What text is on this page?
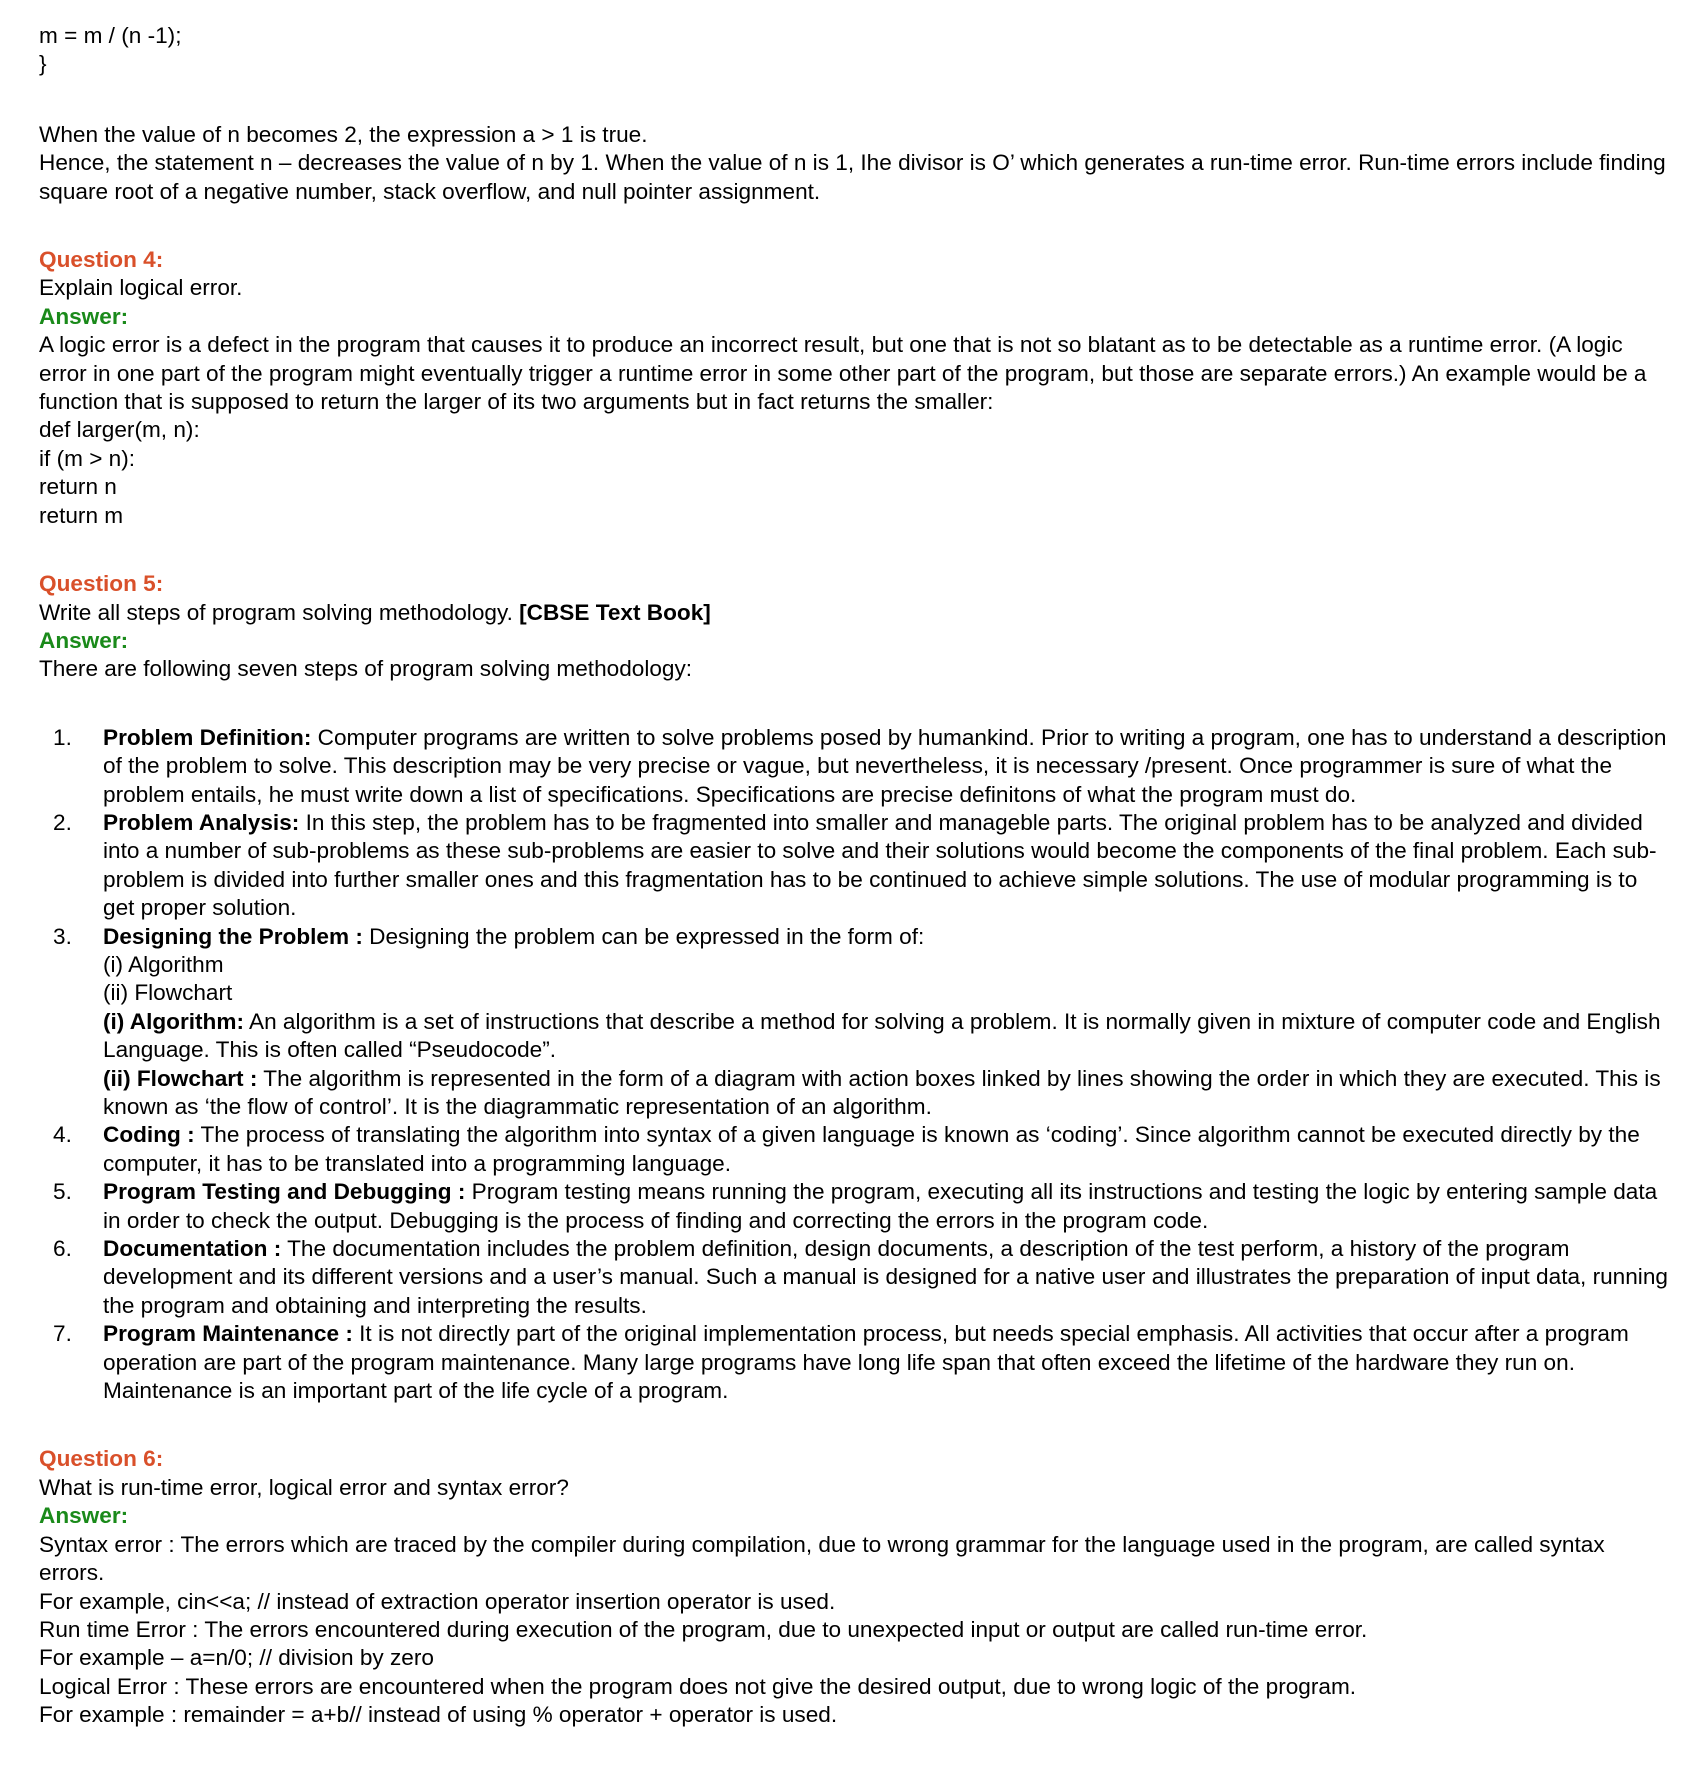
m = m / (n -1);
}
When the value of n becomes 2, the expression a > 1 is true.
Hence, the statement n – decreases the value of n by 1. When the value of n is 1, Ihe divisor is O’ which generates a run-time error. Run-time errors include finding square root of a negative number, stack overflow, and null pointer assignment.
Question 4:
Explain logical error.
Answer:
A logic error is a defect in the program that causes it to produce an incorrect result, but one that is not so blatant as to be detectable as a runtime error. (A logic error in one part of the program might eventually trigger a runtime error in some other part of the program, but those are separate errors.) An example would be a function that is supposed to return the larger of its two arguments but in fact returns the smaller:
def larger(m, n):
if (m > n):
return n
return m
Question 5:
Write all steps of program solving methodology. [CBSE Text Book]
Answer:
There are following seven steps of program solving methodology:
1. Problem Definition: Computer programs are written to solve problems posed by humankind. Prior to writing a program, one has to understand a description of the problem to solve. This description may be very precise or vague, but nevertheless, it is necessary /present. Once programmer is sure of what the problem entails, he must write down a list of specifications. Specifications are precise definitons of what the program must do.
2. Problem Analysis: In this step, the problem has to be fragmented into smaller and manageble parts. The original problem has to be analyzed and divided into a number of sub-problems as these sub-problems are easier to solve and their solutions would become the components of the final problem. Each sub-problem is divided into further smaller ones and this fragmentation has to be continued to achieve simple solutions. The use of modular programming is to get proper solution.
3. Designing the Problem : Designing the problem can be expressed in the form of:
(i) Algorithm
(ii) Flowchart
(i) Algorithm: An algorithm is a set of instructions that describe a method for solving a problem. It is normally given in mixture of computer code and English Language. This is often called “Pseudocode”.
(ii) Flowchart : The algorithm is represented in the form of a diagram with action boxes linked by lines showing the order in which they are executed. This is known as ‘the flow of control’. It is the diagrammatic representation of an algorithm.
4. Coding : The process of translating the algorithm into syntax of a given language is known as ‘coding’. Since algorithm cannot be executed directly by the computer, it has to be translated into a programming language.
5. Program Testing and Debugging : Program testing means running the program, executing all its instructions and testing the logic by entering sample data in order to check the output. Debugging is the process of finding and correcting the errors in the program code.
6. Documentation : The documentation includes the problem definition, design documents, a description of the test perform, a history of the program development and its different versions and a user’s manual. Such a manual is designed for a native user and illustrates the preparation of input data, running the program and obtaining and interpreting the results.
7. Program Maintenance : It is not directly part of the original implementation process, but needs special emphasis. All activities that occur after a program operation are part of the program maintenance. Many large programs have long life span that often exceed the lifetime of the hardware they run on. Maintenance is an important part of the life cycle of a program.
Question 6:
What is run-time error, logical error and syntax error?
Answer:
Syntax error : The errors which are traced by the compiler during compilation, due to wrong grammar for the language used in the program, are called syntax errors.
For example, cin<<a; // instead of extraction operator insertion operator is used.
Run time Error : The errors encountered during execution of the program, due to unexpected input or output are called run-time error.
For example – a=n/0; // division by zero
Logical Error : These errors are encountered when the program does not give the desired output, due to wrong logic of the program.
For example : remainder = a+b// instead of using % operator + operator is used.
